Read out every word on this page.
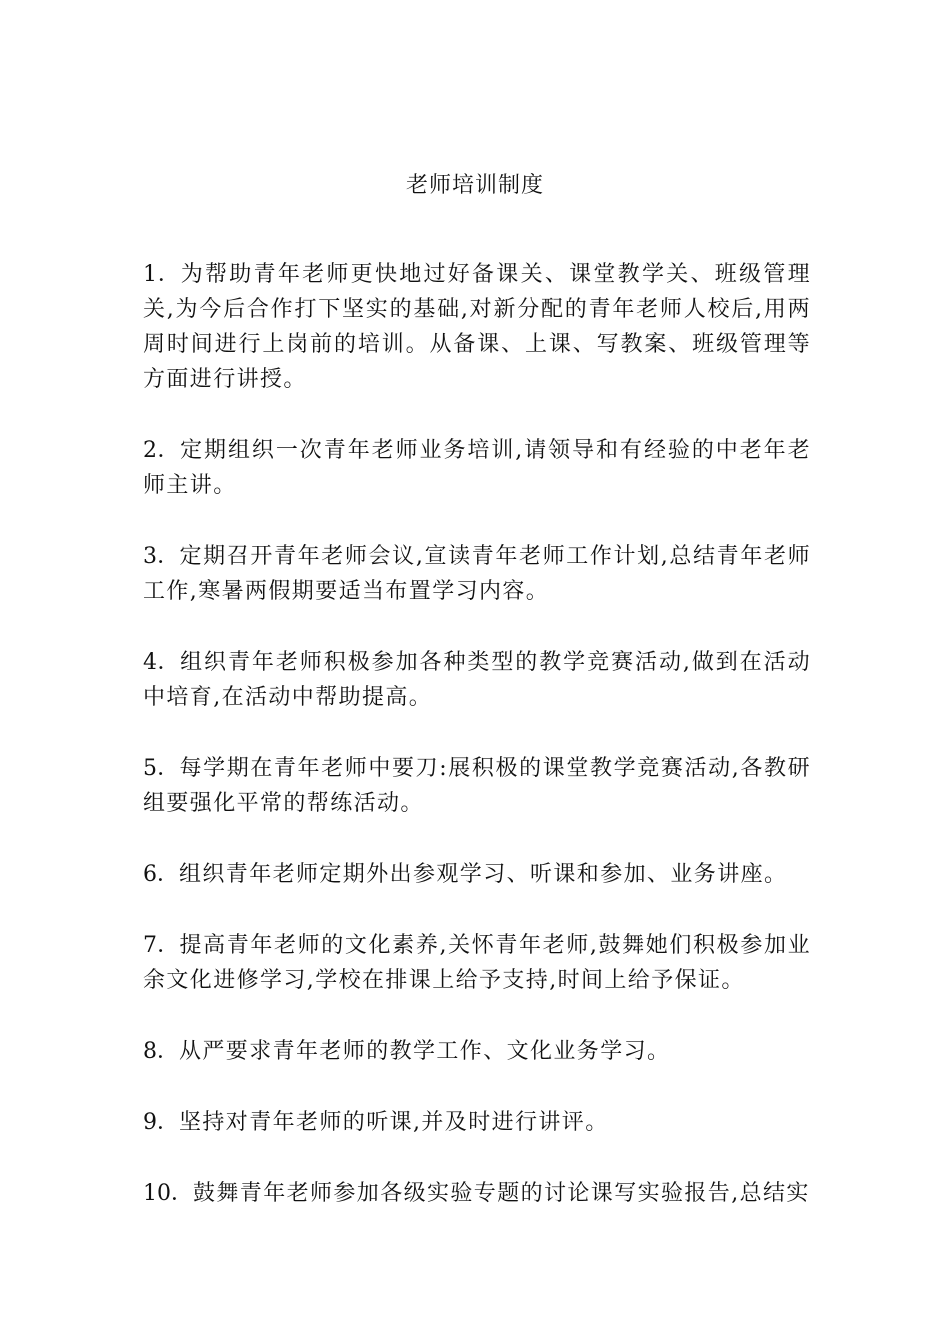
老师培训制度

1．为帮助青年老师更快地过好备课关、课堂教学关、班级管理关,为今后合作打下坚实的基础,对新分配的青年老师人校后,用两周时间进行上岗前的培训。从备课、上课、写教案、班级管理等方面进行讲授。

2．定期组织一次青年老师业务培训,请领导和有经验的中老年老师主讲。

3．定期召开青年老师会议,宣读青年老师工作计划,总结青年老师工作,寒暑两假期要适当布置学习内容。

4．组织青年老师积极参加各种类型的教学竞赛活动,做到在活动中培育,在活动中帮助提高。

5．每学期在青年老师中要刀:展积极的课堂教学竞赛活动,各教研组要强化平常的帮练活动。

6．组织青年老师定期外出参观学习、听课和参加、业务讲座。

7．提高青年老师的文化素养,关怀青年老师,鼓舞她们积极参加业余文化进修学习,学校在排课上给予支持,时间上给予保证。

8．从严要求青年老师的教学工作、文化业务学习。

9．坚持对青年老师的听课,并及时进行讲评。

10．鼓舞青年老师参加各级实验专题的讨论课写实验报告,总结实
